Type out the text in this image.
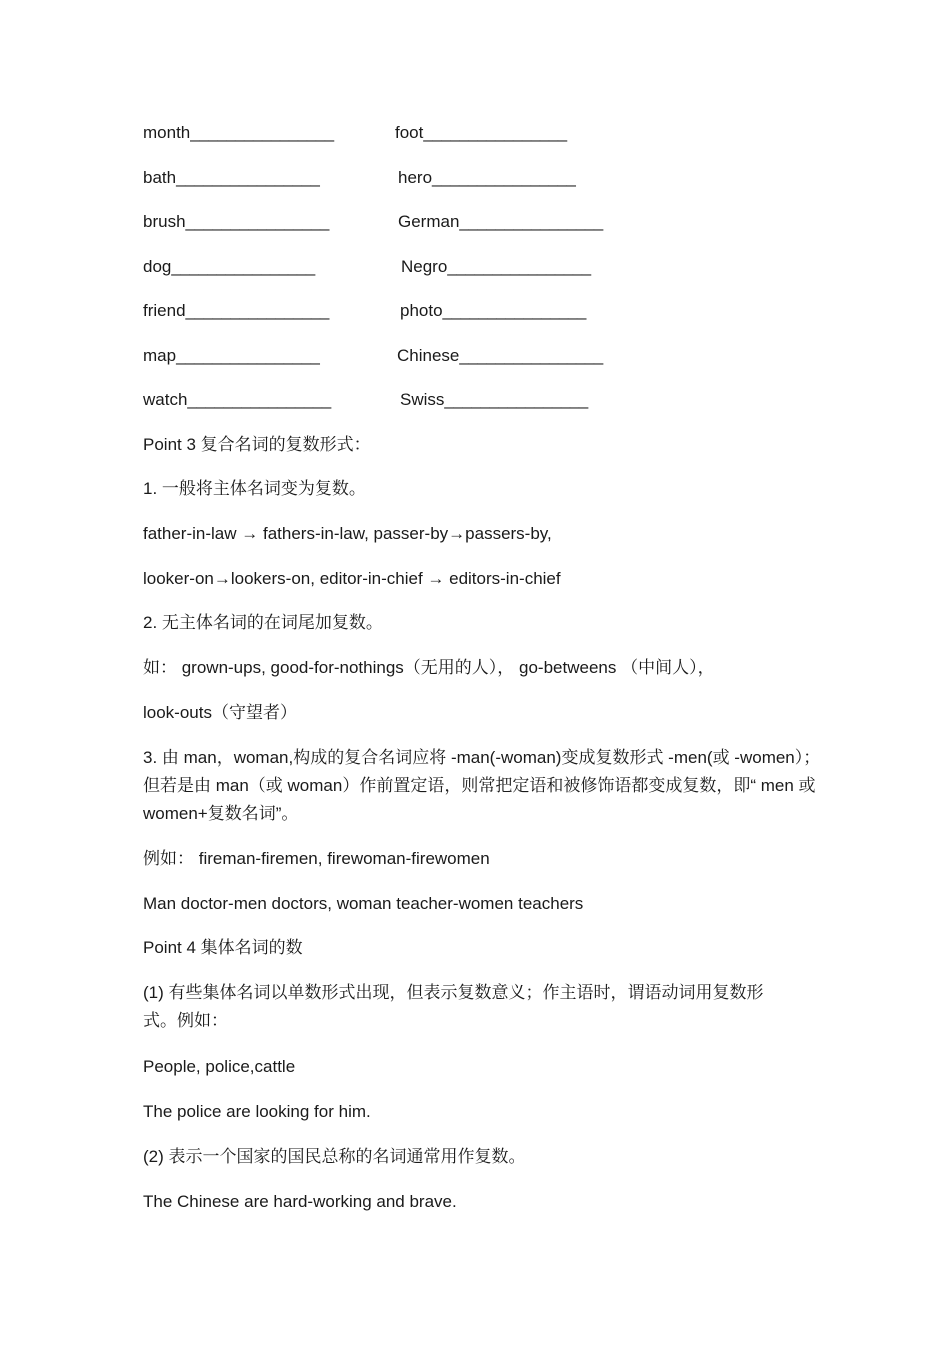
month________________	foot________________
bath________________	hero________________
brush________________	German________________
dog________________	Negro________________
friend________________	photo________________
map________________	Chinese________________
watch________________	Swiss________________
Point 3 复合名词的复数形式：
1. 一般将主体名词变为复数。
father-in-law → fathers-in-law, passer-by→passers-by,
looker-on→lookers-on, editor-in-chief → editors-in-chief
2. 无主体名词的在词尾加复数。
如： grown-ups, good-for-nothings（无用的人）， go-betweens （中间人），
look-outs（守望者）
3. 由 man，woman,构成的复合名词应将 -man(-woman)变成复数形式 -men(或 -women）；但若是由 man（或 woman）作前置定语，则常把定语和被修饰语都变成复数，即“ men 或 women+复数名词”。
例如： fireman-firemen, firewoman-firewomen
Man doctor-men doctors, woman teacher-women teachers
Point 4 集体名词的数
(1) 有些集体名词以单数形式出现，但表示复数意义；作主语时，谓语动词用复数形式。例如：
People, police,cattle
The police are looking for him.
(2) 表示一个国家的国民总称的名词通常用作复数。
The Chinese are hard-working and brave.
